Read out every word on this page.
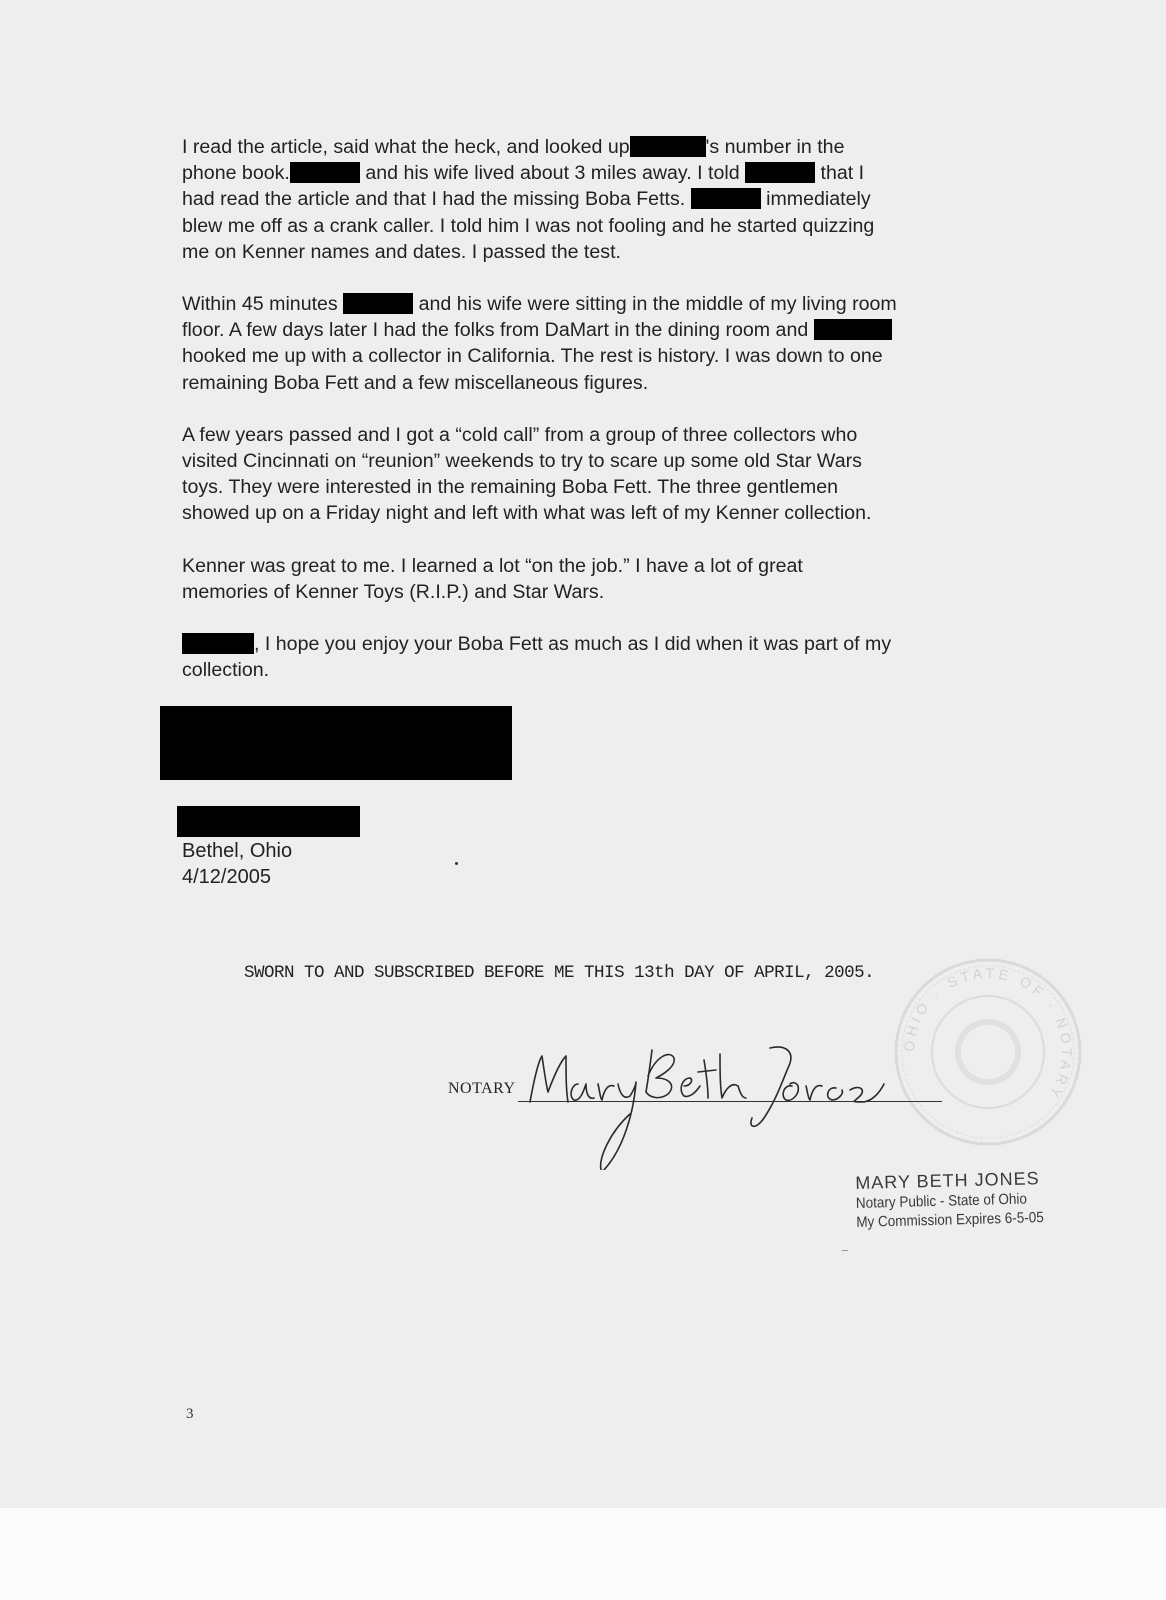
I read the article, said what the heck, and looked up	's number in the
phone book.	and his wife lived about 3 miles away. I told	that I
had read the article and that I had the missing Boba Fetts.	immediately
blew me off as a crank caller. I told him I was not fooling and he started quizzing
me on Kenner names and dates. I passed the test.
Within 45 minutes	and his wife were sitting in the middle of my living room
floor. A few days later I had the folks from DaMart in the dining room and
hooked me up with a collector in California. The rest is history. I was down to one
remaining Boba Fett and a few miscellaneous figures.
A few years passed and I got a “cold call” from a group of three collectors who
visited Cincinnati on “reunion” weekends to try to scare up some old Star Wars
toys. They were interested in the remaining Boba Fett. The three gentlemen
showed up on a Friday night and left with what was left of my Kenner collection.
Kenner was great to me. I learned a lot “on the job.” I have a lot of great
memories of Kenner Toys (R.I.P.) and Star Wars.
, I hope you enjoy your Boba Fett as much as I did when it was part of my
collection.
Bethel, Ohio
4/12/2005
SWORN TO AND SUBSCRIBED BEFORE ME THIS 13th DAY OF APRIL, 2005.
OHIO · STATE OF · NOTARY
NOTARY
MARY BETH JONES
Notary Public - State of Ohio
My Commission Expires 6-5-05
3
